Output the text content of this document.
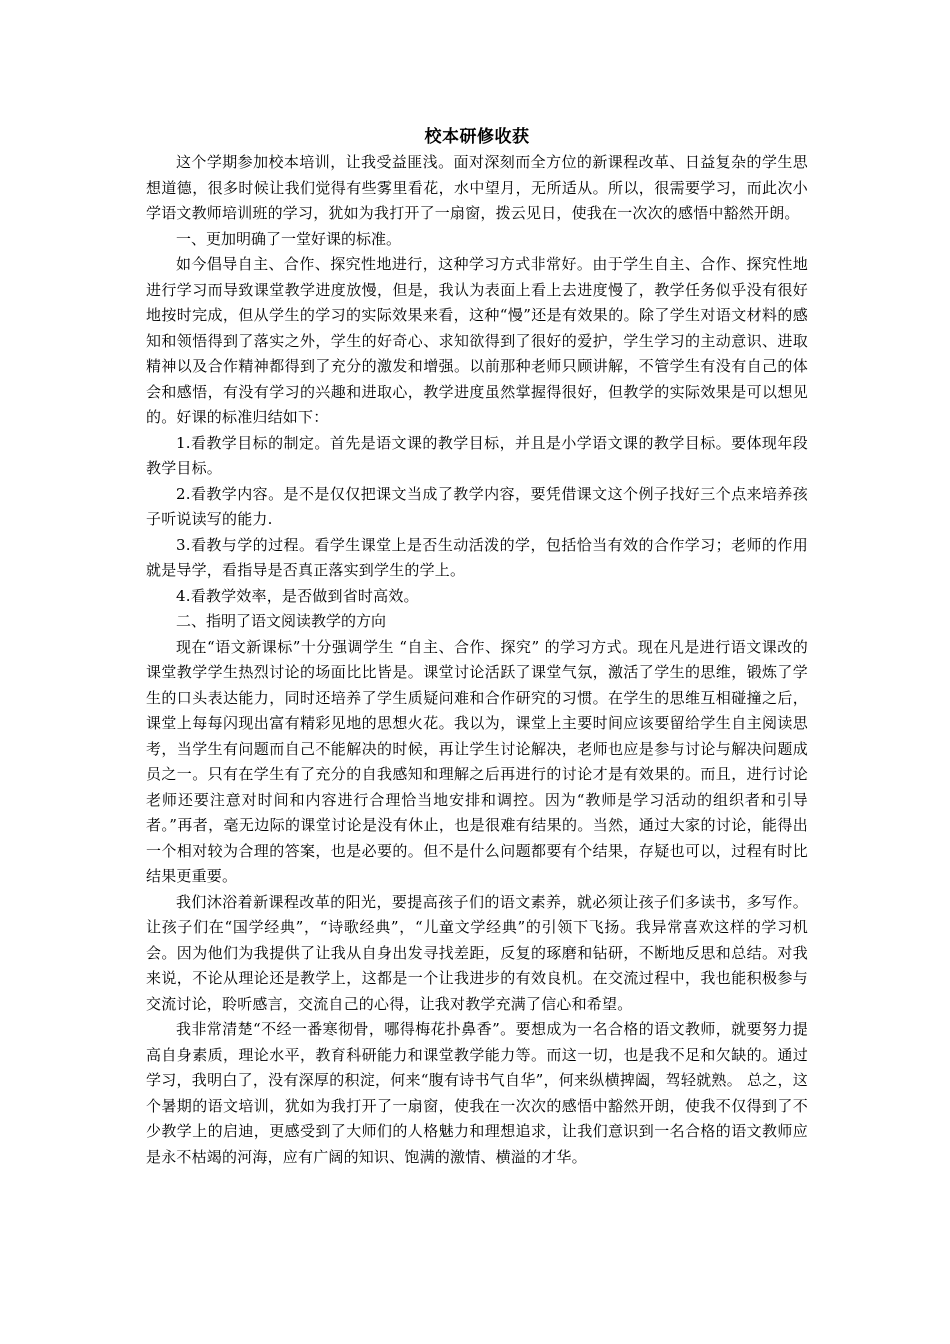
校本研修收获

这个学期参加校本培训，让我受益匪浅。面对深刻而全方位的新课程改革、日益复杂的学生思想道德，很多时候让我们觉得有些雾里看花，水中望月，无所适从。所以，很需要学习，而此次小学语文教师培训班的学习，犹如为我打开了一扇窗，拨云见日，使我在一次次的感悟中豁然开朗。

一、更加明确了一堂好课的标准。

如今倡导自主、合作、探究性地进行，这种学习方式非常好。由于学生自主、合作、探究性地进行学习而导致课堂教学进度放慢，但是，我认为表面上看上去进度慢了，教学任务似乎没有很好地按时完成，但从学生的学习的实际效果来看，这种“慢”还是有效果的。除了学生对语文材料的感知和领悟得到了落实之外，学生的好奇心、求知欲得到了很好的爱护，学生学习的主动意识、进取精神以及合作精神都得到了充分的激发和增强。以前那种老师只顾讲解，不管学生有没有自己的体会和感悟，有没有学习的兴趣和进取心，教学进度虽然掌握得很好，但教学的实际效果是可以想见的。好课的标准归结如下：

1.看教学目标的制定。首先是语文课的教学目标，并且是小学语文课的教学目标。要体现年段教学目标。

2.看教学内容。是不是仅仅把课文当成了教学内容，要凭借课文这个例子找好三个点来培养孩子听说读写的能力.

3.看教与学的过程。看学生课堂上是否生动活泼的学，包括恰当有效的合作学习；老师的作用就是导学，看指导是否真正落实到学生的学上。

4.看教学效率，是否做到省时高效。

二、指明了语文阅读教学的方向

现在“语文新课标”十分强调学生 “自主、合作、探究” 的学习方式。现在凡是进行语文课改的课堂教学学生热烈讨论的场面比比皆是。课堂讨论活跃了课堂气氛，激活了学生的思维，锻炼了学生的口头表达能力，同时还培养了学生质疑问难和合作研究的习惯。在学生的思维互相碰撞之后，课堂上每每闪现出富有精彩见地的思想火花。我以为，课堂上主要时间应该要留给学生自主阅读思考，当学生有问题而自己不能解决的时候，再让学生讨论解决，老师也应是参与讨论与解决问题成员之一。只有在学生有了充分的自我感知和理解之后再进行的讨论才是有效果的。而且，进行讨论老师还要注意对时间和内容进行合理恰当地安排和调控。因为“教师是学习活动的组织者和引导者。”再者，毫无边际的课堂讨论是没有休止，也是很难有结果的。当然，通过大家的讨论，能得出一个相对较为合理的答案，也是必要的。但不是什么问题都要有个结果，存疑也可以，过程有时比结果更重要。

我们沐浴着新课程改革的阳光，要提高孩子们的语文素养，就必须让孩子们多读书，多写作。让孩子们在“国学经典”，“诗歌经典”，“儿童文学经典”的引领下飞扬。我异常喜欢这样的学习机会。因为他们为我提供了让我从自身出发寻找差距，反复的琢磨和钻研，不断地反思和总结。对我来说，不论从理论还是教学上，这都是一个让我进步的有效良机。在交流过程中，我也能积极参与交流讨论，聆听感言，交流自己的心得，让我对教学充满了信心和希望。

我非常清楚“不经一番寒彻骨，哪得梅花扑鼻香”。要想成为一名合格的语文教师，就要努力提高自身素质，理论水平，教育科研能力和课堂教学能力等。而这一切，也是我不足和欠缺的。通过学习，我明白了，没有深厚的积淀，何来“腹有诗书气自华”，何来纵横捭阖，驾轻就熟。 总之，这个暑期的语文培训，犹如为我打开了一扇窗，使我在一次次的感悟中豁然开朗，使我不仅得到了不少教学上的启迪，更感受到了大师们的人格魅力和理想追求，让我们意识到一名合格的语文教师应是永不枯竭的河海，应有广阔的知识、饱满的激情、横溢的才华。
